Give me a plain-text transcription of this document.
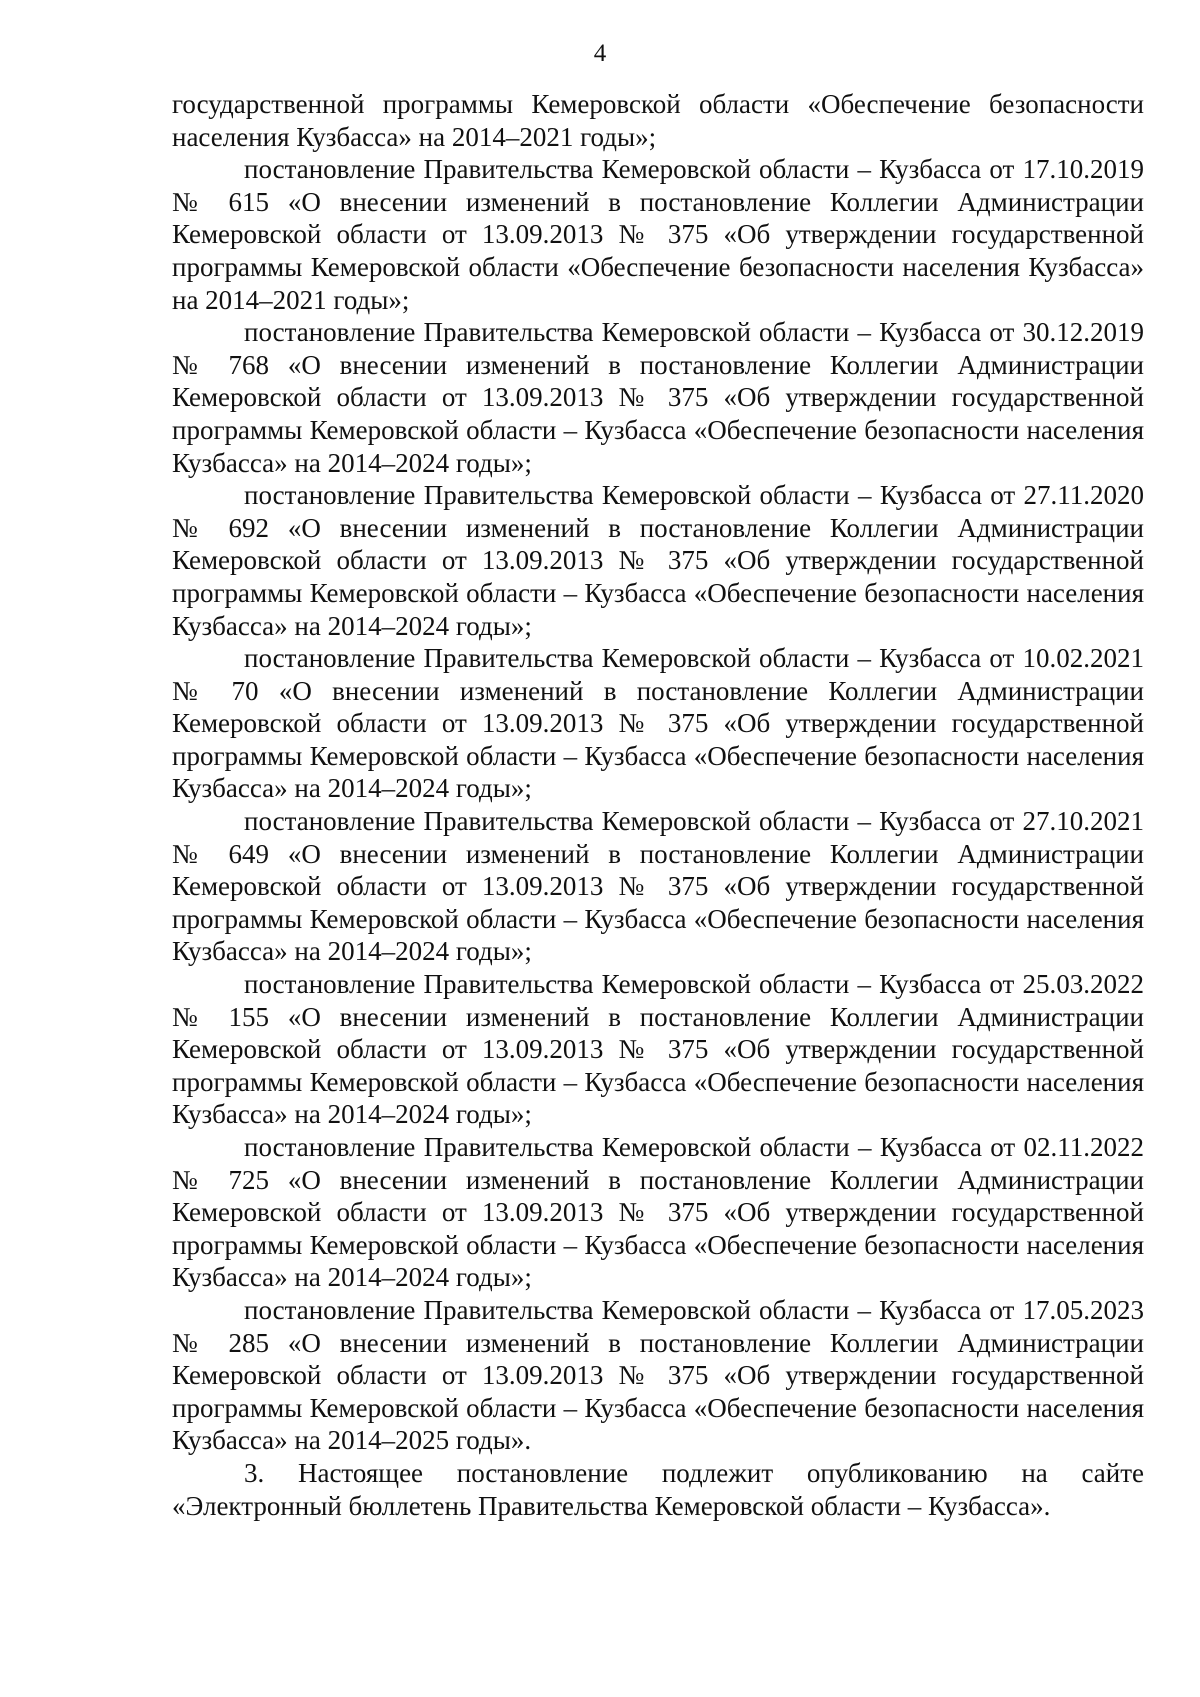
4

государственной программы Кемеровской области «Обеспечение безопасности населения Кузбасса» на 2014–2021 годы»;

постановление Правительства Кемеровской области – Кузбасса от 17.10.2019 № 615 «О внесении изменений в постановление Коллегии Администрации Кемеровской области от 13.09.2013 № 375 «Об утверждении государственной программы Кемеровской области «Обеспечение безопасности населения Кузбасса» на 2014–2021 годы»;

постановление Правительства Кемеровской области – Кузбасса от 30.12.2019 № 768 «О внесении изменений в постановление Коллегии Администрации Кемеровской области от 13.09.2013 № 375 «Об утверждении государственной программы Кемеровской области – Кузбасса «Обеспечение безопасности населения Кузбасса» на 2014–2024 годы»;

постановление Правительства Кемеровской области – Кузбасса от 27.11.2020 № 692 «О внесении изменений в постановление Коллегии Администрации Кемеровской области от 13.09.2013 № 375 «Об утверждении государственной программы Кемеровской области – Кузбасса «Обеспечение безопасности населения Кузбасса» на 2014–2024 годы»;

постановление Правительства Кемеровской области – Кузбасса от 10.02.2021 № 70 «О внесении изменений в постановление Коллегии Администрации Кемеровской области от 13.09.2013 № 375 «Об утверждении государственной программы Кемеровской области – Кузбасса «Обеспечение безопасности населения Кузбасса» на 2014–2024 годы»;

постановление Правительства Кемеровской области – Кузбасса от 27.10.2021 № 649 «О внесении изменений в постановление Коллегии Администрации Кемеровской области от 13.09.2013 № 375 «Об утверждении государственной программы Кемеровской области – Кузбасса «Обеспечение безопасности населения Кузбасса» на 2014–2024 годы»;

постановление Правительства Кемеровской области – Кузбасса от 25.03.2022 № 155 «О внесении изменений в постановление Коллегии Администрации Кемеровской области от 13.09.2013 № 375 «Об утверждении государственной программы Кемеровской области – Кузбасса «Обеспечение безопасности населения Кузбасса» на 2014–2024 годы»;

постановление Правительства Кемеровской области – Кузбасса от 02.11.2022 № 725 «О внесении изменений в постановление Коллегии Администрации Кемеровской области от 13.09.2013 № 375 «Об утверждении государственной программы Кемеровской области – Кузбасса «Обеспечение безопасности населения Кузбасса» на 2014–2024 годы»;

постановление Правительства Кемеровской области – Кузбасса от 17.05.2023 № 285 «О внесении изменений в постановление Коллегии Администрации Кемеровской области от 13.09.2013 № 375 «Об утверждении государственной программы Кемеровской области – Кузбасса «Обеспечение безопасности населения Кузбасса» на 2014–2025 годы».

3. Настоящее постановление подлежит опубликованию на сайте «Электронный бюллетень Правительства Кемеровской области – Кузбасса».
